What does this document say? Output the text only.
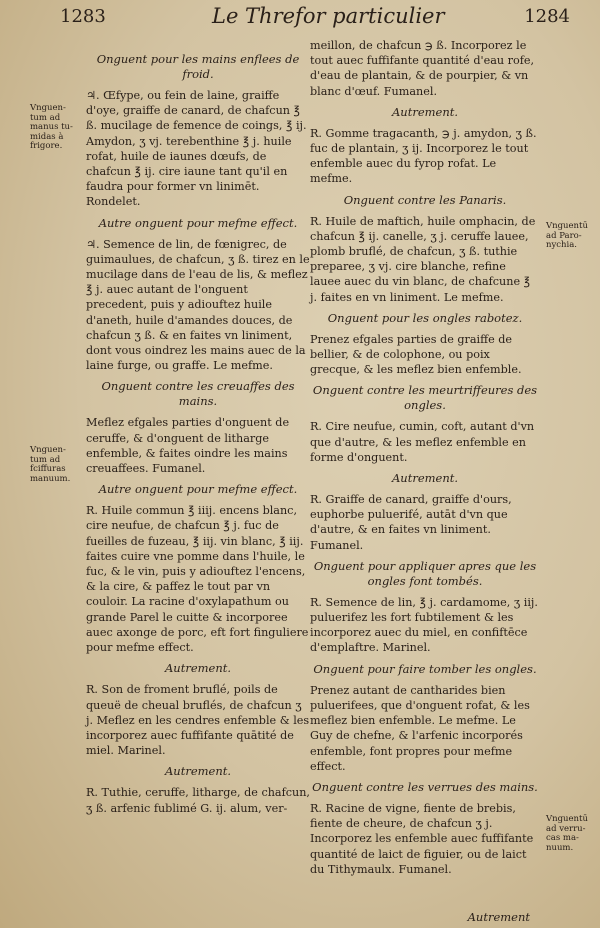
1283	Le Threfor particulier	1284
Vnguen-
tum ad
manus tu-
midas à
frigore.
Vnguen-
tum ad
fciffuras
manuum.
Vnguentū
ad Paro-
nychia.
Vnguentū
ad verru-
cas ma-
nuum.
Onguent pour les mains enflees de
froid.

♃. Œfype, ou fein de laine, graiffe d'oye, graiffe de canard, de chafcun ℥ ß. mucilage de femence de coings, ℥ ij. Amydon, ʒ vj. terebenthine ℥ j. huile rofat, huile de iaunes dœufs, de chafcun ℥ ij. cire iaune tant qu'il en faudra pour former vn linimēt. Rondelet.

Autre onguent pour mefme effect.

♃. Semence de lin, de fœnigrec, de guimaulues, de chafcun, ʒ ß. tirez en le mucilage dans de l'eau de lis, & meflez ℥ j. auec autant de l'onguent precedent, puis y adiouftez huile d'aneth, huile d'amandes douces, de chafcun ʒ ß. & en faites vn liniment, dont vous oindrez les mains auec de la laine furge, ou graffe. Le mefme.

Onguent contre les creuaffes des
mains.

Meflez efgales parties d'onguent de ceruffe, & d'onguent de litharge enfemble, & faites oindre les mains creuaffees. Fumanel.

Autre onguent pour mefme effect.

R. Huile commun ℥ iiij. encens blanc, cire neufue, de chafcun ℥ j. fuc de fueilles de fuzeau, ℥ iij. vin blanc, ℥ iij. faites cuire vne pomme dans l'huile, le fuc, & le vin, puis y adiouftez l'encens, & la cire, & paffez le tout par vn couloir. La racine d'oxylapathum ou grande Parel le cuitte & incorporee auec axonge de porc, eft fort finguliere pour mefme effect.

Autrement.

R. Son de froment bruflé, poils de queuë de cheual bruflés, de chafcun ʒ j. Meflez en les cendres enfemble & les incorporez auec fuffifante quātité de miel. Marinel.

Autrement.

R. Tuthie, ceruffe, litharge, de chafcun, ʒ ß. arfenic fublimé G. ij. alum, ver-

meillon, de chafcun ℈ ß. Incorporez le tout auec fuffifante quantité d'eau rofe, d'eau de plantain, & de pourpier, & vn blanc d'œuf. Fumanel.

Autrement.

R. Gomme tragacanth, ℈ j. amydon, ʒ ß. fuc de plantain, ʒ ij. Incorporez le tout enfemble auec du fyrop rofat. Le mefme.

Onguent contre les Panaris.

R. Huile de maftich, huile omphacin, de chafcun ℥ ij. canelle, ʒ j. ceruffe lauee, plomb bruflé, de chafcun, ʒ ß. tuthie preparee, ʒ vj. cire blanche, refine lauee auec du vin blanc, de chafcune ℥ j. faites en vn liniment. Le mefme.

Onguent pour les ongles rabotez.

Prenez efgales parties de graiffe de bellier, & de colophone, ou poix grecque, & les meflez bien enfemble.

Onguent contre les meurtriffeures des
ongles.

R. Cire neufue, cumin, coft, autant d'vn que d'autre, & les meflez enfemble en forme d'onguent.

Autrement.

R. Graiffe de canard, graiffe d'ours, euphorbe puluerifé, autāt d'vn que d'autre, & en faites vn liniment. Fumanel.

Onguent pour appliquer apres que les
ongles font tombés.

R. Semence de lin, ℥ j. cardamome, ʒ iij. puluerifez les fort fubtilement & les incorporez auec du miel, en confiftēce d'emplaftre. Marinel.

Onguent pour faire tomber les ongles.

Prenez autant de cantharides bien puluerifees, que d'onguent rofat, & les meflez bien enfemble. Le mefme. Le Guy de chefne, & l'arfenic incorporés enfemble, font propres pour mefme effect.

Onguent contre les verrues des mains.

R. Racine de vigne, fiente de brebis, fiente de cheure, de chafcun ʒ j. Incorporez les enfemble auec fuffifante quantité de laict de figuier, ou de laict du Tithymaulx. Fumanel.

Autrement
